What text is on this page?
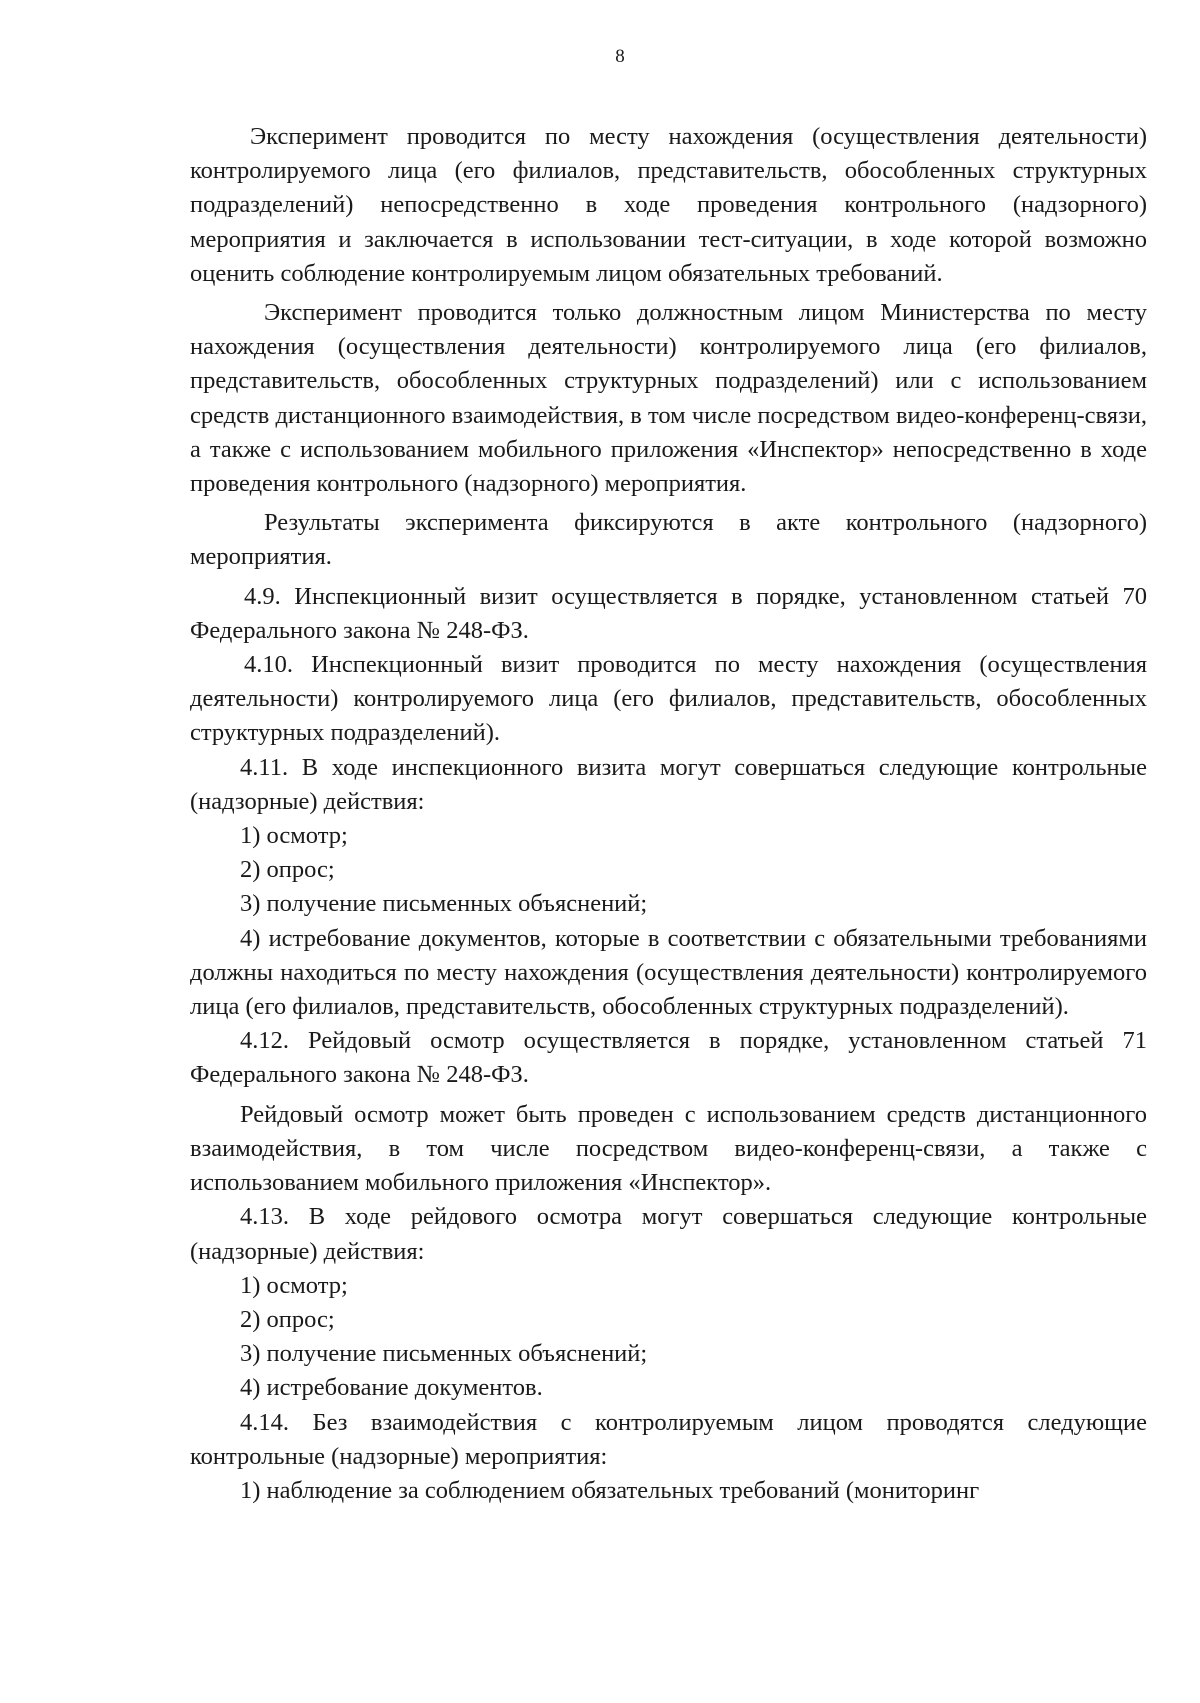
8

Эксперимент проводится по месту нахождения (осуществления деятельности) контролируемого лица (его филиалов, представительств, обособленных структурных подразделений) непосредственно в ходе проведения контрольного (надзорного) мероприятия и заключается в использовании тест-ситуации, в ходе которой возможно оценить соблюдение контролируемым лицом обязательных требований.

Эксперимент проводится только должностным лицом Министерства по месту нахождения (осуществления деятельности) контролируемого лица (его филиалов, представительств, обособленных структурных подразделений) или с использованием средств дистанционного взаимодействия, в том числе посредством видео-конференц-связи, а также с использованием мобильного приложения «Инспектор» непосредственно в ходе проведения контрольного (надзорного) мероприятия.

Результаты эксперимента фиксируются в акте контрольного (надзорного) мероприятия.

4.9. Инспекционный визит осуществляется в порядке, установленном статьей 70 Федерального закона № 248-ФЗ.

4.10. Инспекционный визит проводится по месту нахождения (осуществления деятельности) контролируемого лица (его филиалов, представительств, обособленных структурных подразделений).

4.11. В ходе инспекционного визита могут совершаться следующие контрольные (надзорные) действия:

1) осмотр;

2) опрос;

3) получение письменных объяснений;

4) истребование документов, которые в соответствии с обязательными требованиями должны находиться по месту нахождения (осуществления деятельности) контролируемого лица (его филиалов, представительств, обособленных структурных подразделений).

4.12. Рейдовый осмотр осуществляется в порядке, установленном статьей 71 Федерального закона № 248-ФЗ.

Рейдовый осмотр может быть проведен с использованием средств дистанционного взаимодействия, в том числе посредством видео-конференц-связи, а также с использованием мобильного приложения «Инспектор».

4.13. В ходе рейдового осмотра могут совершаться следующие контрольные (надзорные) действия:

1) осмотр;

2) опрос;

3) получение письменных объяснений;

4) истребование документов.

4.14. Без взаимодействия с контролируемым лицом проводятся следующие контрольные (надзорные) мероприятия:

1) наблюдение за соблюдением обязательных требований (мониторинг
